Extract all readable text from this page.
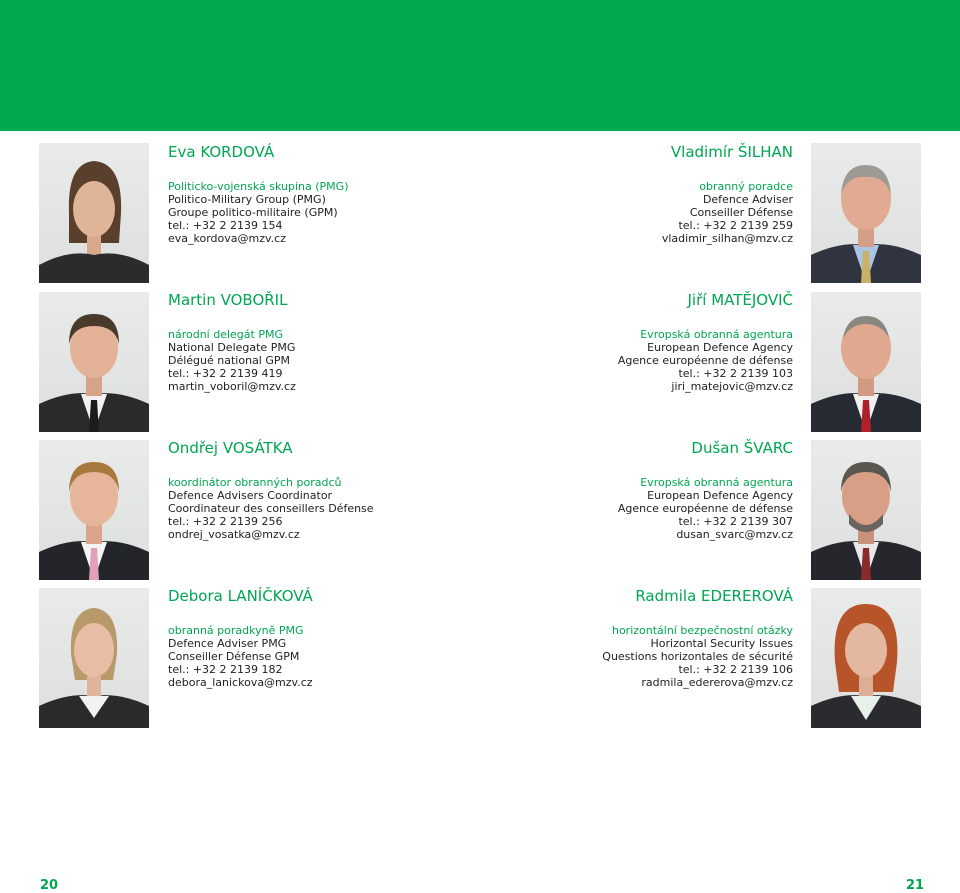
Eva KORDOVÁ
Politicko-vojenská skupina (PMG)
Politico-Military Group (PMG)
Groupe politico-militaire (GPM)
tel.: +32 2 2139 154
eva_kordova@mzv.cz
Vladimír ŠILHAN
obranný poradce
Defence Adviser
Conseiller Défense
tel.: +32 2 2139 259
vladimir_silhan@mzv.cz
Martin VOBOŘIL
národní delegát PMG
National Delegate PMG
Délégué national GPM
tel.: +32 2 2139 419
martin_voboril@mzv.cz
Jiří MATĚJOVIČ
Evropská obranná agentura
European Defence Agency
Agence européenne de défense
tel.: +32 2 2139 103
jiri_matejovic@mzv.cz
Ondřej VOSÁTKA
koordinátor obranných poradců
Defence Advisers Coordinator
Coordinateur des conseillers Défense
tel.: +32 2 2139 256
ondrej_vosatka@mzv.cz
Dušan ŠVARC
Evropská obranná agentura
European Defence Agency
Agence européenne de défense
tel.: +32 2 2139 307
dusan_svarc@mzv.cz
Debora LANÍČKOVÁ
obranná poradkyně PMG
Defence Adviser PMG
Conseiller Défense GPM
tel.: +32 2 2139 182
debora_lanickova@mzv.cz
Radmila EDEREROVÁ
horizontální bezpečnostní otázky
Horizontal Security Issues
Questions horizontales de sécurité
tel.: +32 2 2139 106
radmila_edererova@mzv.cz
20	21
